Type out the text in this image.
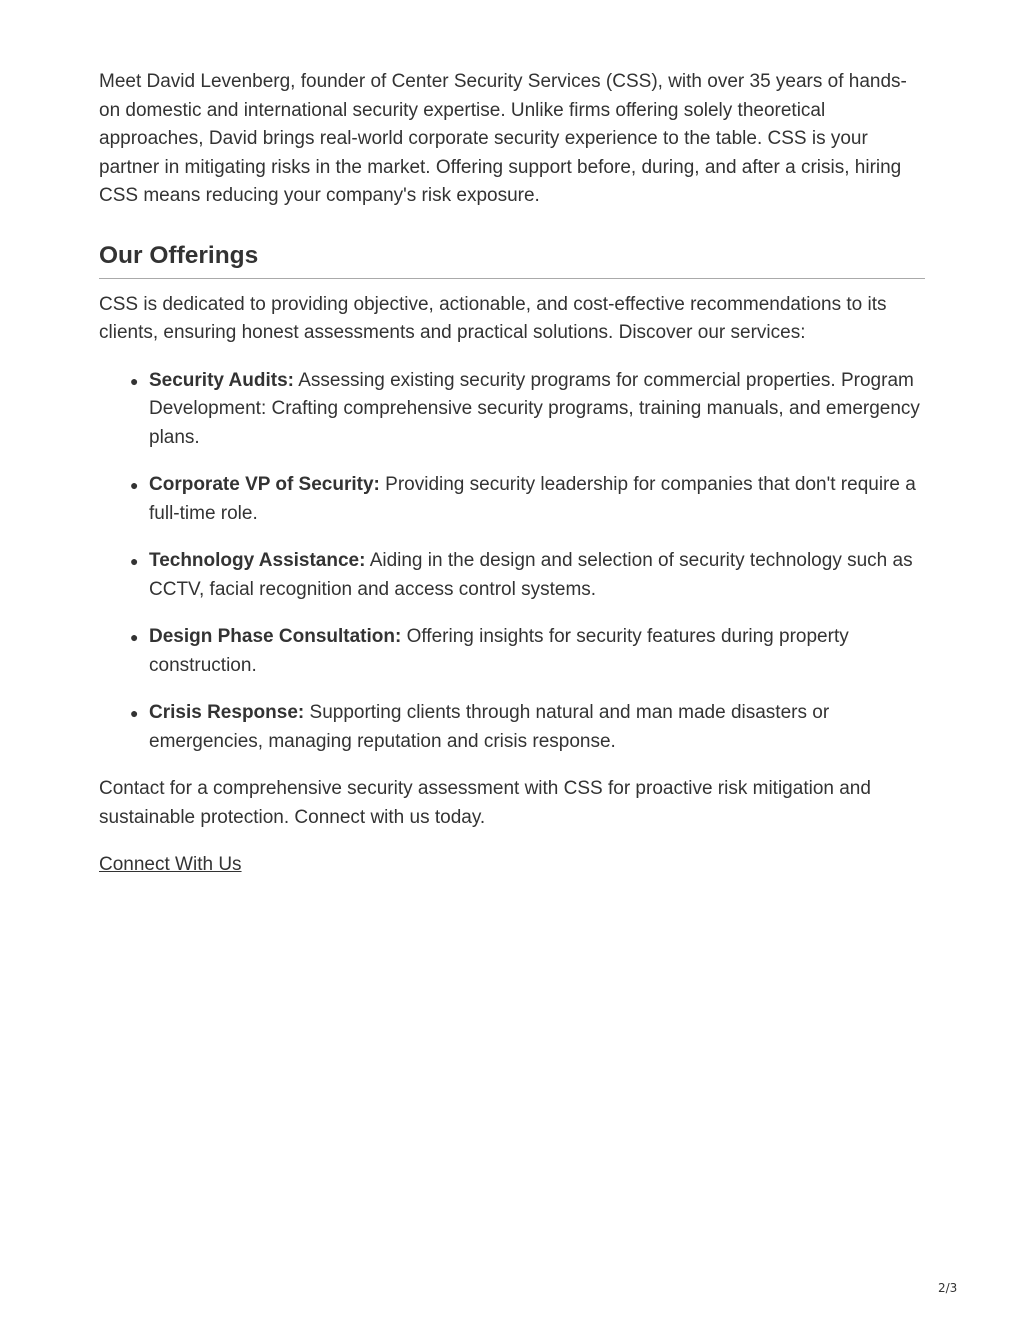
Meet David Levenberg, founder of Center Security Services (CSS), with over 35 years of hands-on domestic and international security expertise. Unlike firms offering solely theoretical approaches, David brings real-world corporate security experience to the table. CSS is your partner in mitigating risks in the market. Offering support before, during, and after a crisis, hiring CSS means reducing your company's risk exposure.

Our Offerings

CSS is dedicated to providing objective, actionable, and cost-effective recommendations to its clients, ensuring honest assessments and practical solutions. Discover our services:

● Security Audits: Assessing existing security programs for commercial properties. Program Development: Crafting comprehensive security programs, training manuals, and emergency plans.
● Corporate VP of Security: Providing security leadership for companies that don't require a full-time role.
● Technology Assistance: Aiding in the design and selection of security technology such as CCTV, facial recognition and access control systems.
● Design Phase Consultation: Offering insights for security features during property construction.
● Crisis Response: Supporting clients through natural and man made disasters or emergencies, managing reputation and crisis response.

Contact for a comprehensive security assessment with CSS for proactive risk mitigation and sustainable protection. Connect with us today.

Connect With Us
2/3
